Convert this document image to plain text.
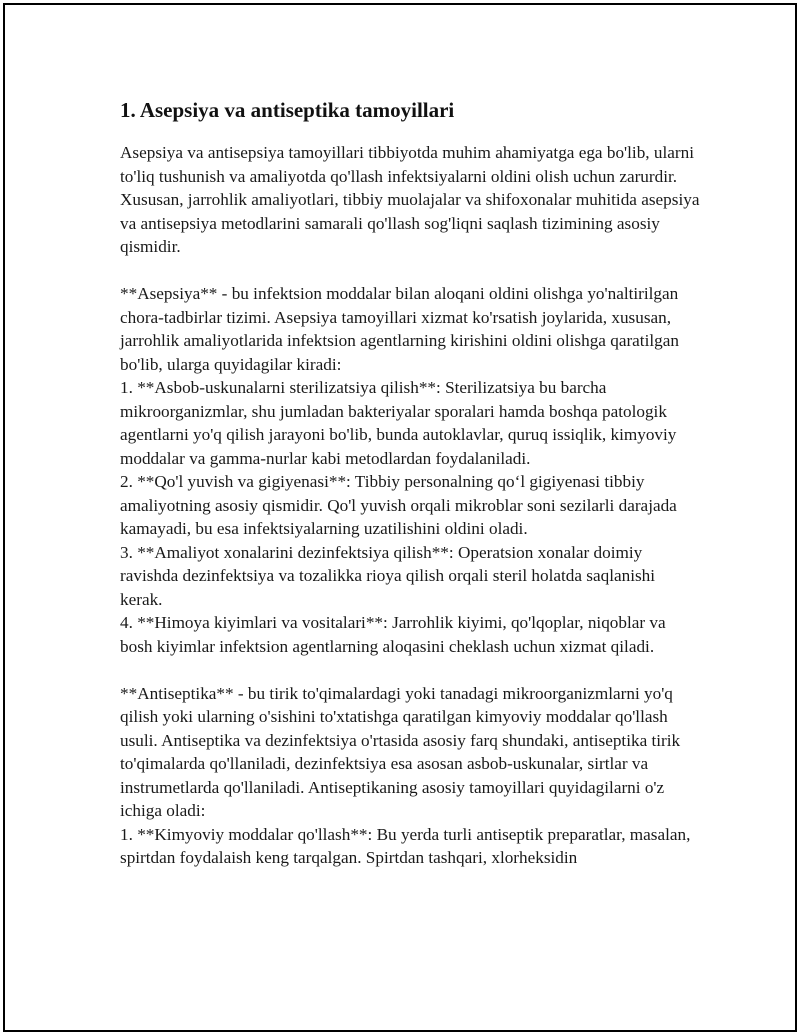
1. Asepsiya va antiseptika tamoyillari

Asepsiya va antisepsiya tamoyillari tibbiyotda muhim ahamiyatga ega bo'lib, ularni to'liq tushunish va amaliyotda qo'llash infektsiyalarni oldini olish uchun zarurdir. Xususan, jarrohlik amaliyotlari, tibbiy muolajalar va shifoxonalar muhitida asepsiya va antisepsiya metodlarini samarali qo'llash sog'liqni saqlash tizimining asosiy qismidir.

**Asepsiya** - bu infektsion moddalar bilan aloqani oldini olishga yo'naltirilgan chora-tadbirlar tizimi. Asepsiya tamoyillari xizmat ko'rsatish joylarida, xususan, jarrohlik amaliyotlarida infektsion agentlarning kirishini oldini olishga qaratilgan bo'lib, ularga quyidagilar kiradi:
1. **Asbob-uskunalarni sterilizatsiya qilish**: Sterilizatsiya bu barcha mikroorganizmlar, shu jumladan bakteriyalar sporalari hamda boshqa patologik agentlarni yo'q qilish jarayoni bo'lib, bunda autoklavlar, quruq issiqlik, kimyoviy moddalar va gamma-nurlar kabi metodlardan foydalaniladi.
2. **Qo'l yuvish va gigiyenasi**: Tibbiy personalning qo‘l gigiyenasi tibbiy amaliyotning asosiy qismidir. Qo'l yuvish orqali mikroblar soni sezilarli darajada kamayadi, bu esa infektsiyalarning uzatilishini oldini oladi.
3. **Amaliyot xonalarini dezinfektsiya qilish**: Operatsion xonalar doimiy ravishda dezinfektsiya va tozalikka rioya qilish orqali steril holatda saqlanishi kerak.
4. **Himoya kiyimlari va vositalari**: Jarrohlik kiyimi, qo'lqoplar, niqoblar va bosh kiyimlar infektsion agentlarning aloqasini cheklash uchun xizmat qiladi.

**Antiseptika** - bu tirik to'qimalardagi yoki tanadagi mikroorganizmlarni yo'q qilish yoki ularning o'sishini to'xtatishga qaratilgan kimyoviy moddalar qo'llash usuli. Antiseptika va dezinfektsiya o'rtasida asosiy farq shundaki, antiseptika tirik to'qimalarda qo'llaniladi, dezinfektsiya esa asosan asbob-uskunalar, sirtlar va instrumetlarda qo'llaniladi. Antiseptikaning asosiy tamoyillari quyidagilarni o'z ichiga oladi:
1. **Kimyoviy moddalar qo'llash**: Bu yerda turli antiseptik preparatlar, masalan, spirtdan foydalaish keng tarqalgan. Spirtdan tashqari, xlorheksidin
